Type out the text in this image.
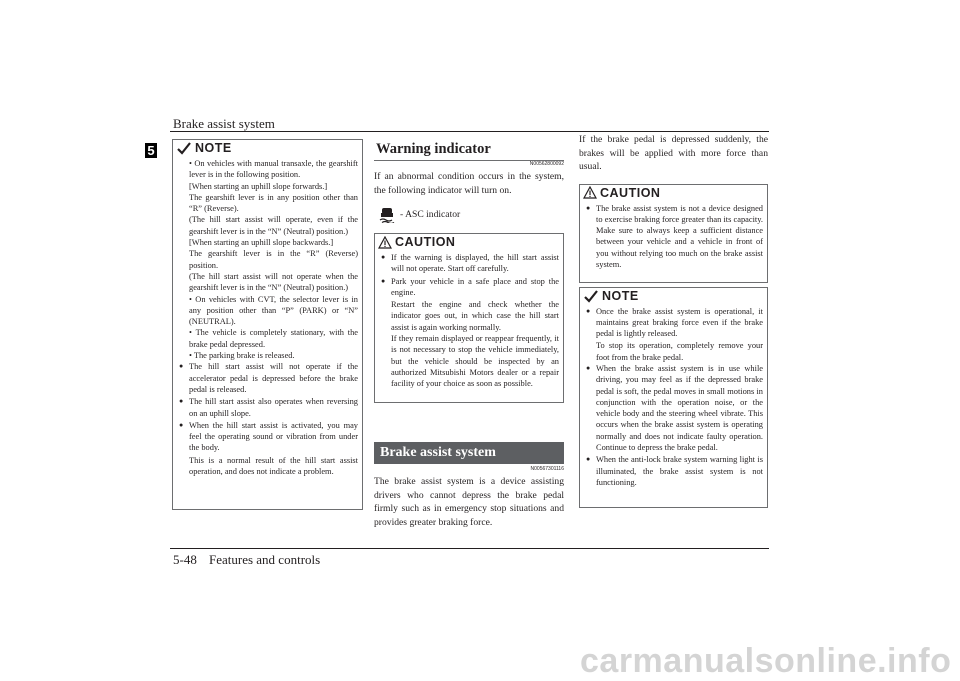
Brake assist system
5-48 Features and controls
5	NOTE
• On vehicles with manual transaxle, the gearshift lever is in the following position.
[When starting an uphill slope forwards.]
The gearshift lever is in any position other than “R” (Reverse).
(The hill start assist will operate, even if the gearshift lever is in the “N” (Neutral) position.)
[When starting an uphill slope backwards.]
The gearshift lever is in the “R” (Reverse) position.
(The hill start assist will not operate when the gearshift lever is in the “N” (Neutral) position.)
• On vehicles with CVT, the selector lever is in any position other than “P” (PARK) or “N” (NEUTRAL).
• The vehicle is completely stationary, with the brake pedal depressed.
• The parking brake is released.
● The hill start assist will not operate if the accelerator pedal is depressed before the brake pedal is released.
● The hill start assist also operates when reversing on an uphill slope.
● When the hill start assist is activated, you may feel the operating sound or vibration from under the body.
This is a normal result of the hill start assist operation, and does not indicate a problem.
Warning indicator
N00562800092

If an abnormal condition occurs in the system, the following indicator will turn on.

- ASC indicator
CAUTION
● If the warning is displayed, the hill start assist will not operate. Start off carefully.
● Park your vehicle in a safe place and stop the engine.
Restart the engine and check whether the indicator goes out, in which case the hill start assist is again working normally.
If they remain displayed or reappear frequently, it is not necessary to stop the vehicle immediately, but the vehicle should be inspected by an authorized Mitsubishi Motors dealer or a repair facility of your choice as soon as possible.
Brake assist system
N00567301116

The brake assist system is a device assisting drivers who cannot depress the brake pedal firmly such as in emergency stop situations and provides greater braking force.

If the brake pedal is depressed suddenly, the brakes will be applied with more force than usual.

CAUTION
● The brake assist system is not a device designed to exercise braking force greater than its capacity. Make sure to always keep a sufficient distance between your vehicle and a vehicle in front of you without relying too much on the brake assist system.
NOTE
● Once the brake assist system is operational, it maintains great braking force even if the brake pedal is lightly released.
To stop its operation, completely remove your foot from the brake pedal.
● When the brake assist system is in use while driving, you may feel as if the depressed brake pedal is soft, the pedal moves in small motions in conjunction with the operation noise, or the vehicle body and the steering wheel vibrate. This occurs when the brake assist system is operating normally and does not indicate faulty operation. Continue to depress the brake pedal.
● When the anti-lock brake system warning light is illuminated, the brake assist system is not functioning.
carmanualsonline.info
